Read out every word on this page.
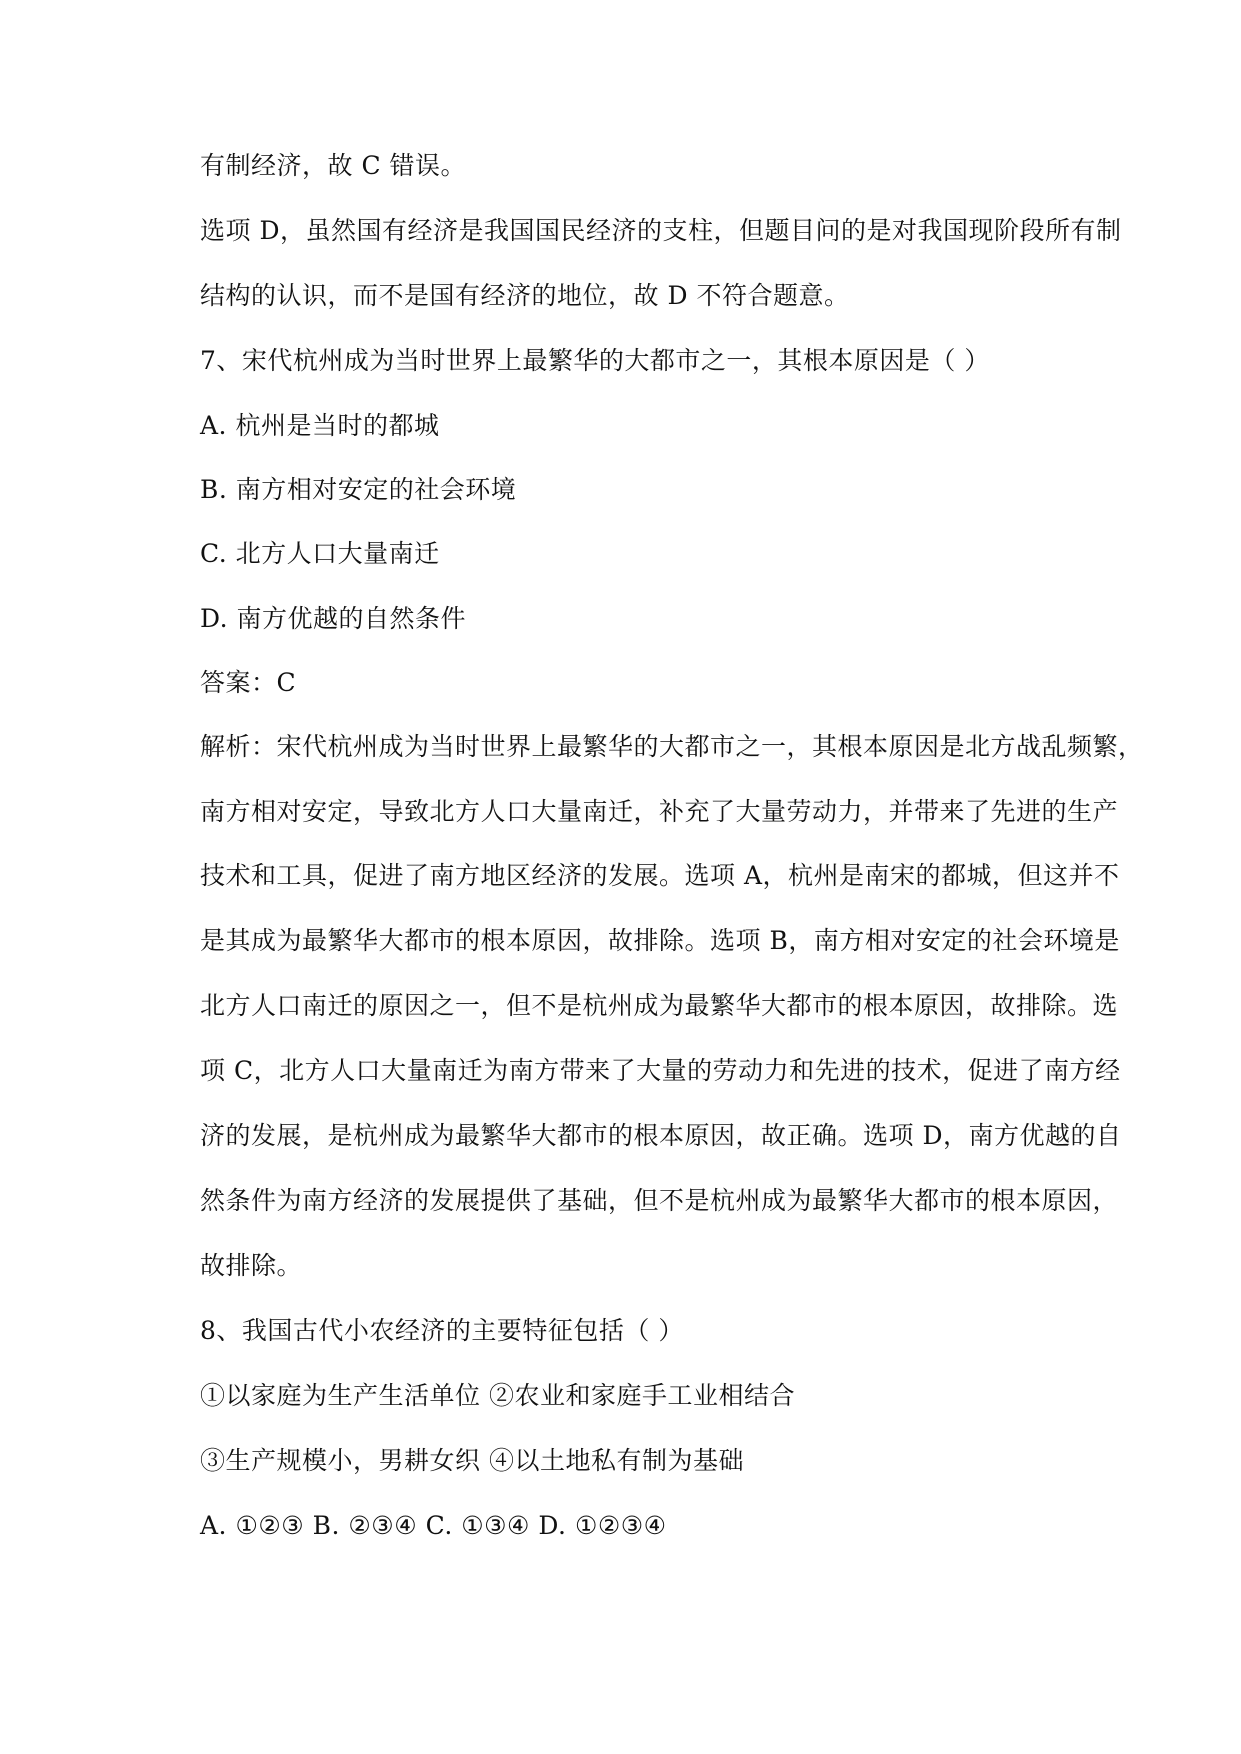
有制经济，故 C 错误。
选项 D，虽然国有经济是我国国民经济的支柱，但题目问的是对我国现阶段所有制
结构的认识，而不是国有经济的地位，故 D 不符合题意。
7、宋代杭州成为当时世界上最繁华的大都市之一，其根本原因是（ ）
A. 杭州是当时的都城
B. 南方相对安定的社会环境
C. 北方人口大量南迁
D. 南方优越的自然条件
答案：C
解析：宋代杭州成为当时世界上最繁华的大都市之一，其根本原因是北方战乱频繁，
南方相对安定，导致北方人口大量南迁，补充了大量劳动力，并带来了先进的生产
技术和工具，促进了南方地区经济的发展。选项 A，杭州是南宋的都城，但这并不
是其成为最繁华大都市的根本原因，故排除。选项 B，南方相对安定的社会环境是
北方人口南迁的原因之一，但不是杭州成为最繁华大都市的根本原因，故排除。选
项 C，北方人口大量南迁为南方带来了大量的劳动力和先进的技术，促进了南方经
济的发展，是杭州成为最繁华大都市的根本原因，故正确。选项 D，南方优越的自
然条件为南方经济的发展提供了基础，但不是杭州成为最繁华大都市的根本原因，
故排除。
8、我国古代小农经济的主要特征包括（ ）
①以家庭为生产生活单位 ②农业和家庭手工业相结合
③生产规模小，男耕女织 ④以土地私有制为基础
A. ①②③ B. ②③④ C. ①③④ D. ①②③④
